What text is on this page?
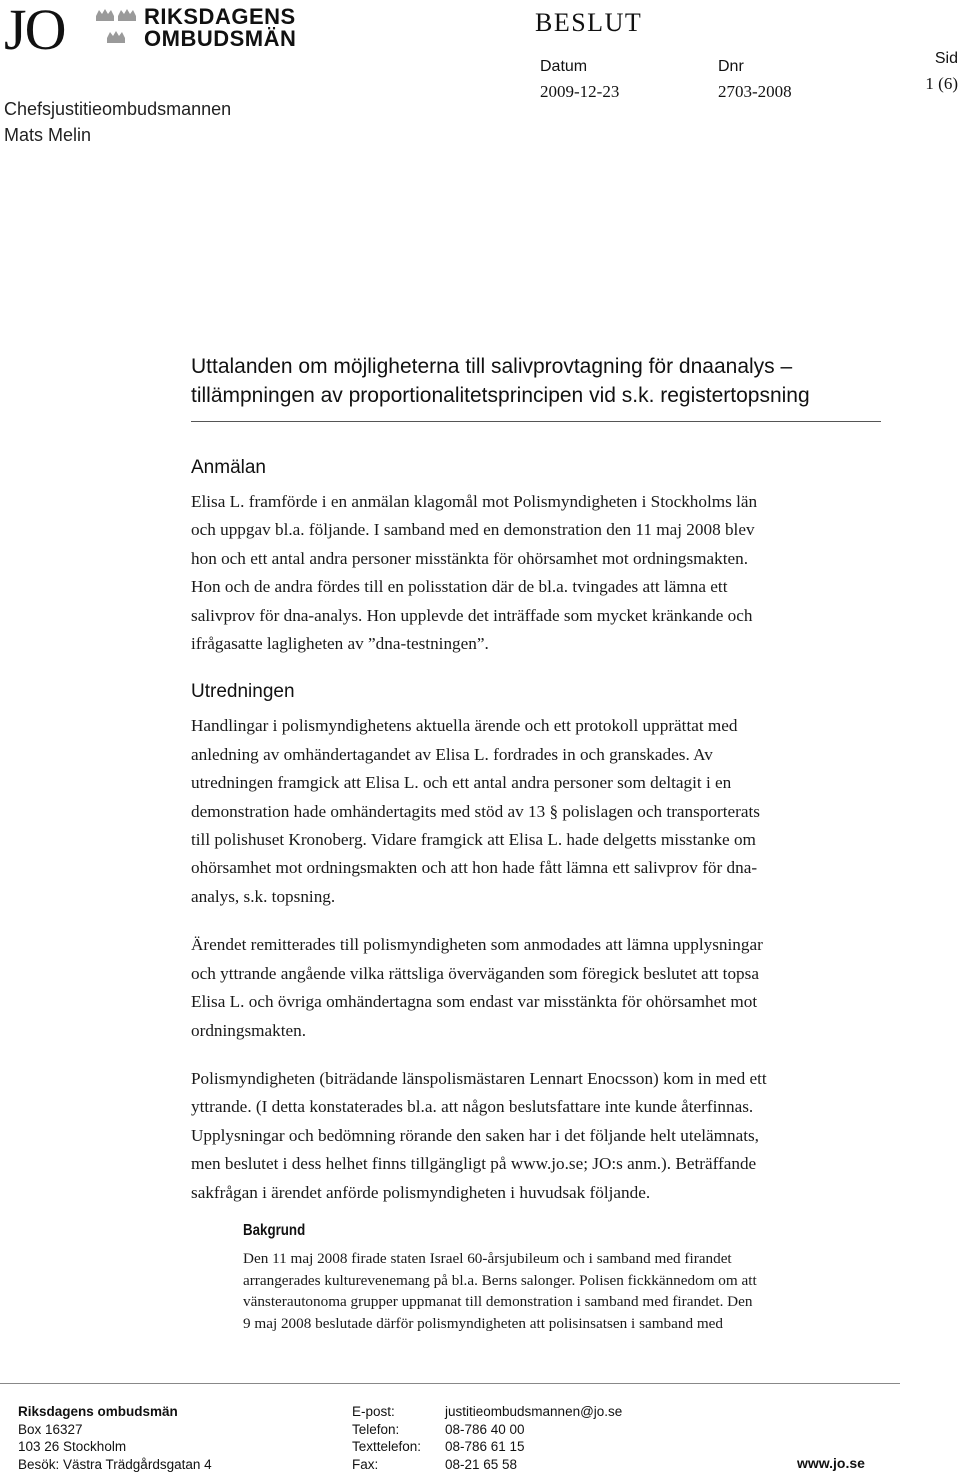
JO	RIKSDAGENS
OMBUDSMÄN
BESLUT
Datum
2009-12-23
Dnr
2703-2008
Sid
1 (6)
Chefsjustitieombudsmannen
Mats Melin
Uttalanden om möjligheterna till salivprovtagning för dnaanalys –
tillämpningen av proportionalitetsprincipen vid s.k. registertopsning
Anmälan
Elisa L. framförde i en anmälan klagomål mot Polismyndigheten i Stockholms län
och uppgav bl.a. följande. I samband med en demonstration den 11 maj 2008 blev
hon och ett antal andra personer misstänkta för ohörsamhet mot ordningsmakten.
Hon och de andra fördes till en polisstation där de bl.a. tvingades att lämna ett
salivprov för dna-analys. Hon upplevde det inträffade som mycket kränkande och
ifrågasatte lagligheten av ”dna-testningen”.
Utredningen
Handlingar i polismyndighetens aktuella ärende och ett protokoll upprättat med
anledning av omhändertagandet av Elisa L. fordrades in och granskades. Av
utredningen framgick att Elisa L. och ett antal andra personer som deltagit i en
demonstration hade omhändertagits med stöd av 13 § polislagen och transporterats
till polishuset Kronoberg. Vidare framgick att Elisa L. hade delgetts misstanke om
ohörsamhet mot ordningsmakten och att hon hade fått lämna ett salivprov för dna-
analys, s.k. topsning.
Ärendet remitterades till polismyndigheten som anmodades att lämna upplysningar
och yttrande angående vilka rättsliga överväganden som föregick beslutet att topsa
Elisa L. och övriga omhändertagna som endast var misstänkta för ohörsamhet mot
ordningsmakten.
Polismyndigheten (biträdande länspolismästaren Lennart Enocsson) kom in med ett
yttrande. (I detta konstaterades bl.a. att någon beslutsfattare inte kunde återfinnas.
Upplysningar och bedömning rörande den saken har i det följande helt utelämnats,
men beslutet i dess helhet finns tillgängligt på www.jo.se; JO:s anm.). Beträffande
sakfrågan i ärendet anförde polismyndigheten i huvudsak följande.
Bakgrund
Den 11 maj 2008 firade staten Israel 60-årsjubileum och i samband med firandet
arrangerades kulturevenemang på bl.a. Berns salonger. Polisen fickkännedom om att
vänsterautonoma grupper uppmanat till demonstration i samband med firandet. Den
9 maj 2008 beslutade därför polismyndigheten att polisinsatsen i samband med
Riksdagens ombudsmän
Box 16327
103 26 Stockholm
Besök: Västra Trädgårdsgatan 4
E-post:	justitieombudsmannen@jo.se
Telefon:	08-786 40 00
Texttelefon: 08-786 61 15
Fax:	08-21 65 58	www.jo.se
